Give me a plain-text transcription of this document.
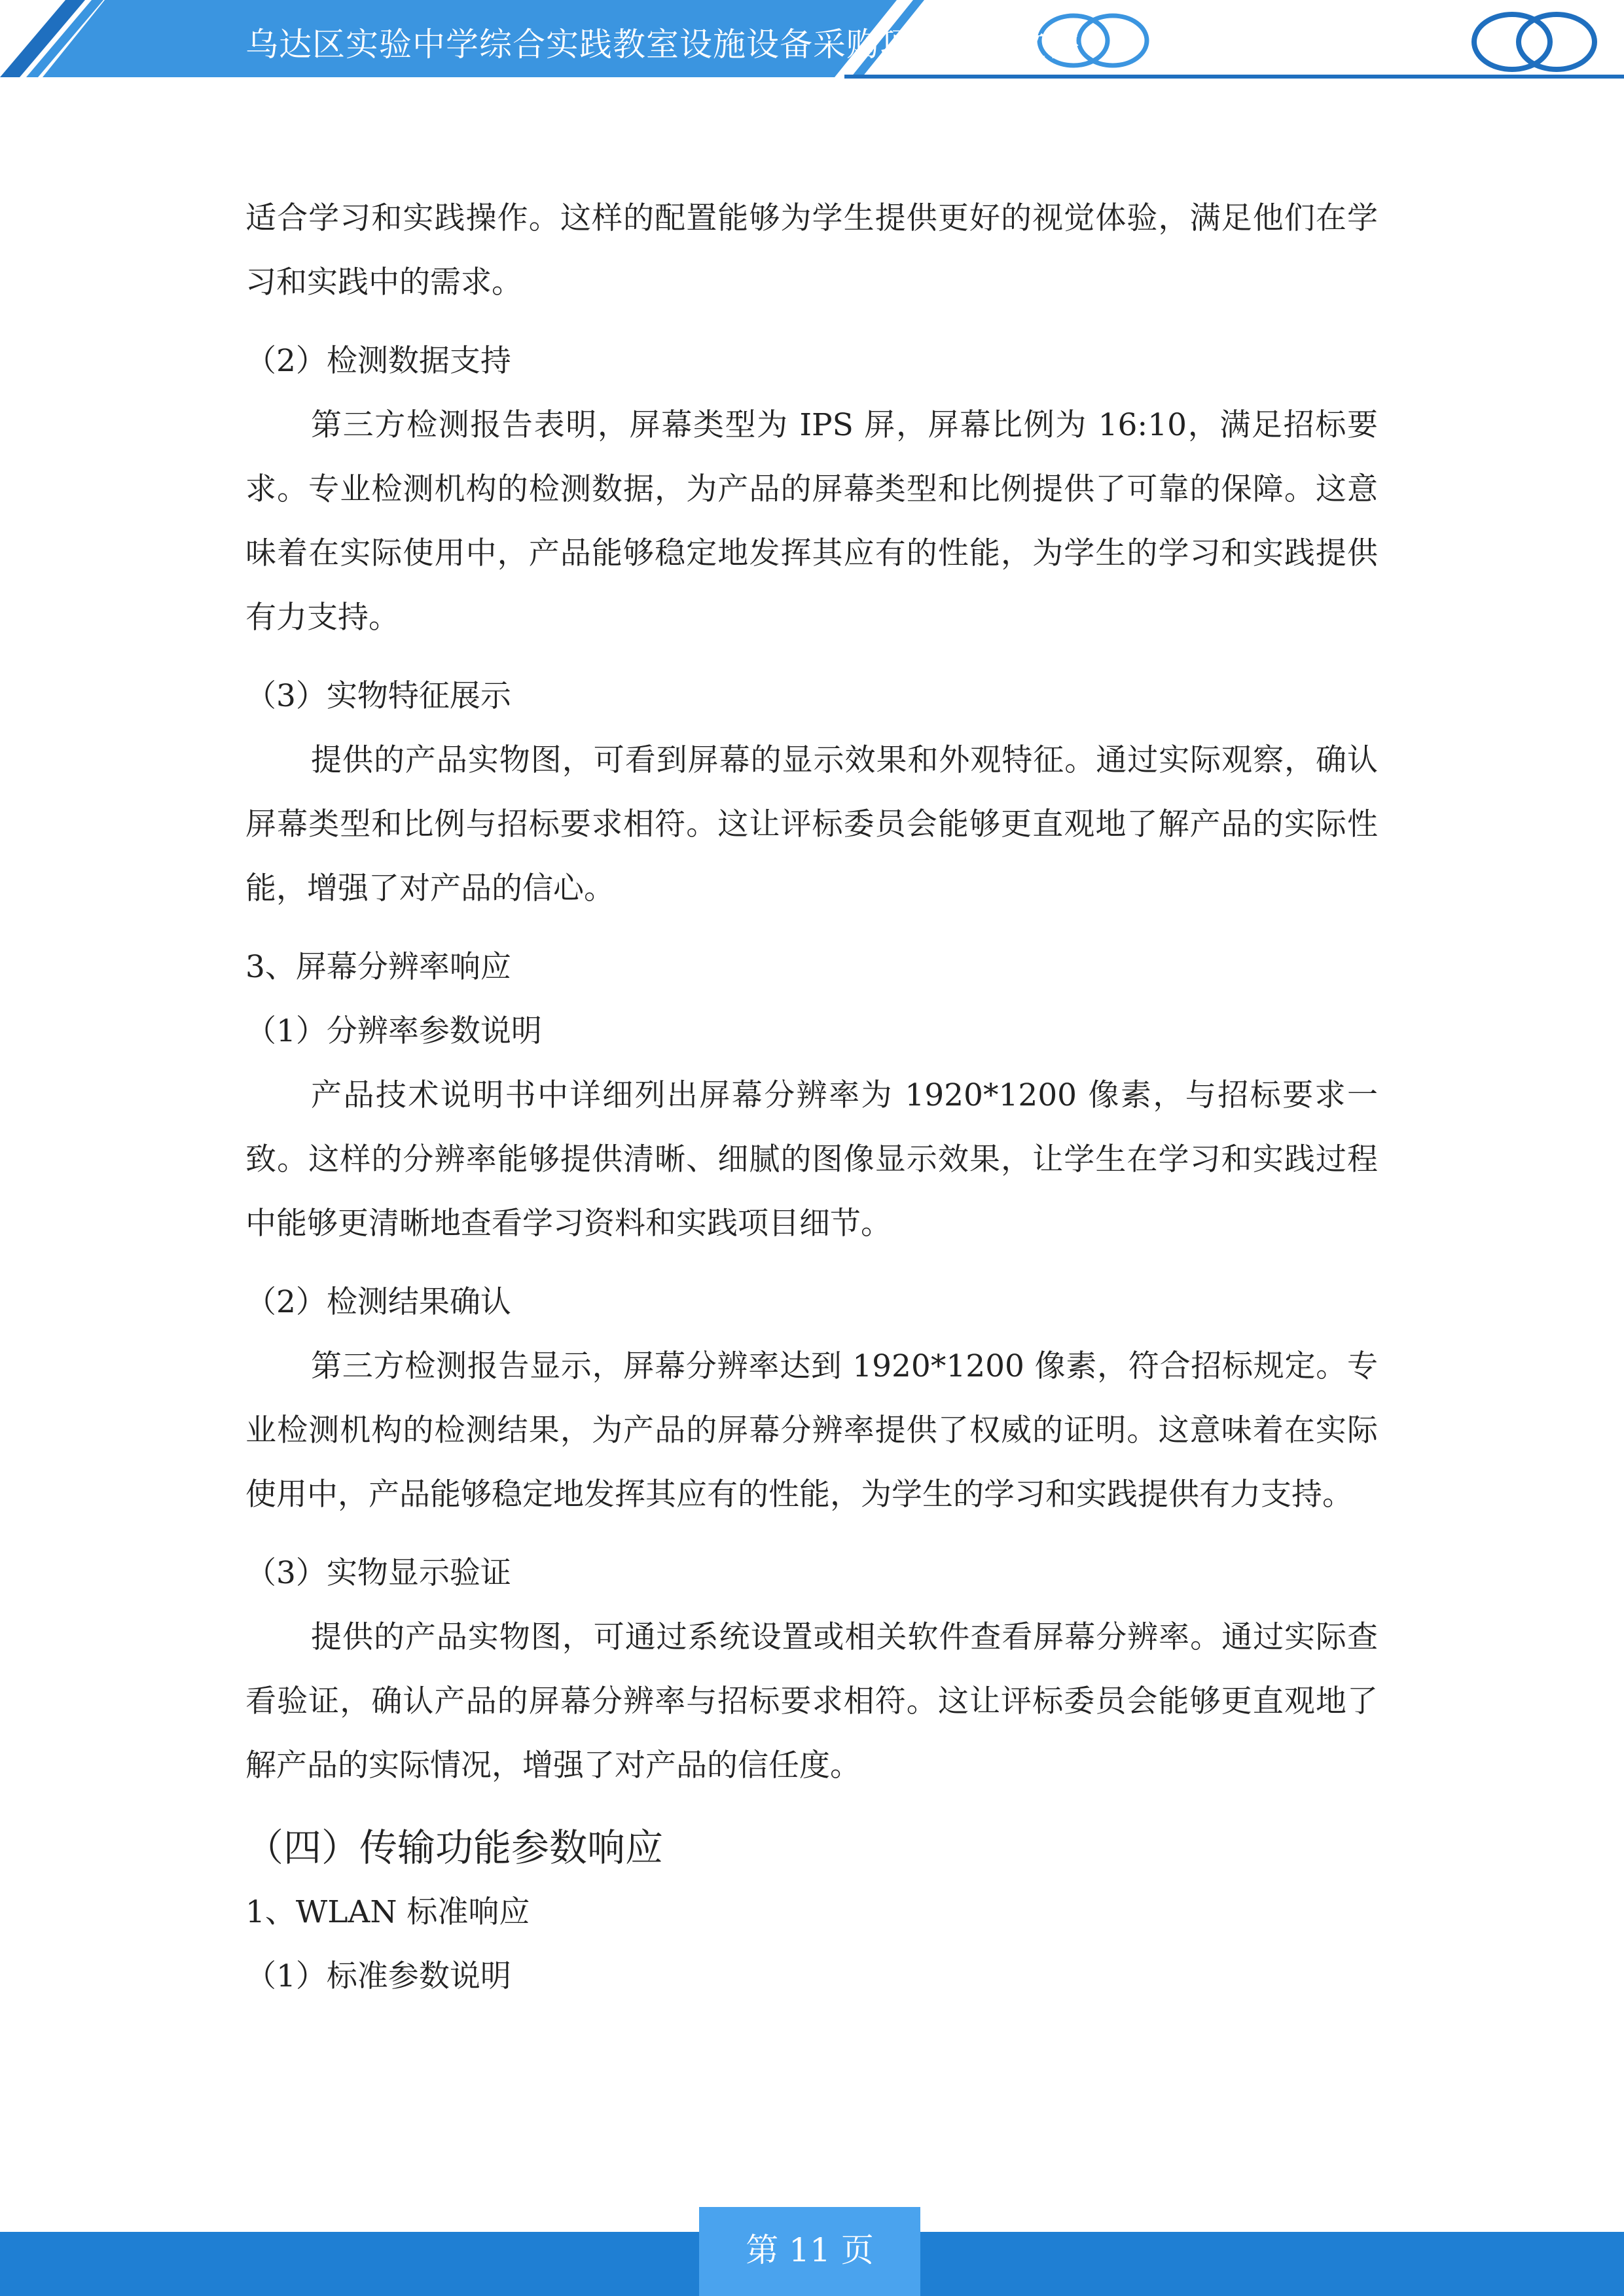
乌达区实验中学综合实践教室设施设备采购项目投标文件

适合学习和实践操作。这样的配置能够为学生提供更好的视觉体验，满足他们在学习和实践中的需求。

（2）检测数据支持

第三方检测报告表明，屏幕类型为 IPS 屏，屏幕比例为 16:10，满足招标要求。专业检测机构的检测数据，为产品的屏幕类型和比例提供了可靠的保障。这意味着在实际使用中，产品能够稳定地发挥其应有的性能，为学生的学习和实践提供有力支持。

（3）实物特征展示

提供的产品实物图，可看到屏幕的显示效果和外观特征。通过实际观察，确认屏幕类型和比例与招标要求相符。这让评标委员会能够更直观地了解产品的实际性能，增强了对产品的信心。

3、屏幕分辨率响应

（1）分辨率参数说明

产品技术说明书中详细列出屏幕分辨率为 1920*1200 像素，与招标要求一致。这样的分辨率能够提供清晰、细腻的图像显示效果，让学生在学习和实践过程中能够更清晰地查看学习资料和实践项目细节。

（2）检测结果确认

第三方检测报告显示，屏幕分辨率达到 1920*1200 像素，符合招标规定。专业检测机构的检测结果，为产品的屏幕分辨率提供了权威的证明。这意味着在实际使用中，产品能够稳定地发挥其应有的性能，为学生的学习和实践提供有力支持。

（3）实物显示验证

提供的产品实物图，可通过系统设置或相关软件查看屏幕分辨率。通过实际查看验证，确认产品的屏幕分辨率与招标要求相符。这让评标委员会能够更直观地了解产品的实际情况，增强了对产品的信任度。

（四）传输功能参数响应

1、WLAN 标准响应

（1）标准参数说明

第 11 页
